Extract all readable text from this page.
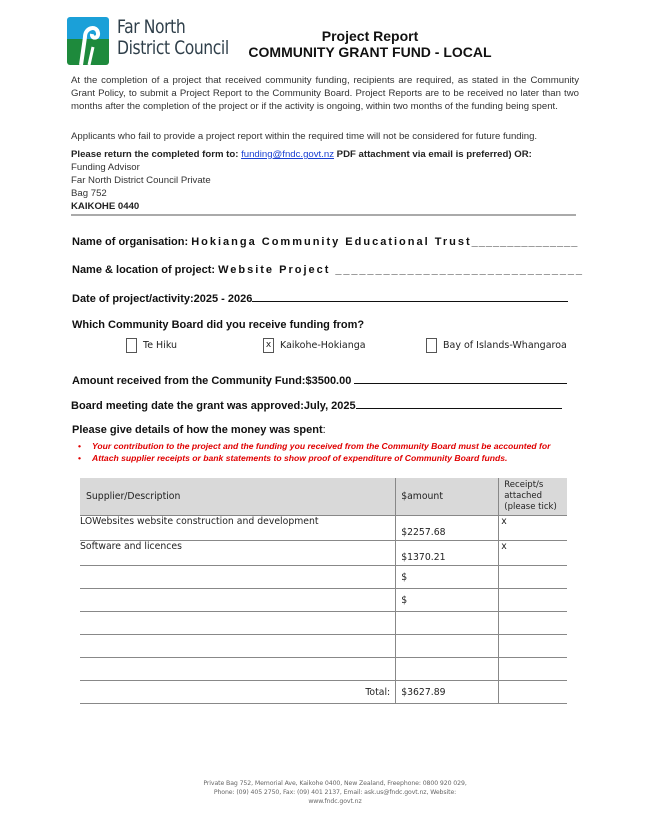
Far North
District Council
Project Report
COMMUNITY GRANT FUND - LOCAL
At the completion of a project that received community funding, recipients are required, as stated in the Community Grant Policy, to submit a Project Report to the Community Board. Project Reports are to be received no later than two months after the completion of the project or if the activity is ongoing, within two months of the funding being spent.
Applicants who fail to provide a project report within the required time will not be considered for future funding.
Please return the completed form to: funding@fndc.govt.nz PDF attachment via email is preferred) OR:
Funding Advisor
Far North District Council Private
Bag 752
KAIKOHE 0440
Name of organisation: Hokianga Community Educational Trust_______________
Name & location of project: Website Project _______________________________
Date of project/activity:2025 - 2026
Which Community Board did you receive funding from?
Te Hiku	x Kaikohe-Hokianga	Bay of Islands-Whangaroa
Amount received from the Community Fund:$3500.00
Board meeting date the grant was approved:July, 2025
Please give details of how the money was spent:
•	Your contribution to the project and the funding you received from the Community Board must be accounted for
•	Attach supplier receipts or bank statements to show proof of expenditure of Community Board funds.
Supplier/Description	$amount	Receipt/s attached (please tick)
LOWebsites website construction and development	$2257.68	x
Software and licences	$1370.21	x
	$	
	$	

Total:	$3627.89	
Private Bag 752, Memorial Ave, Kaikohe 0400, New Zealand, Freephone: 0800 920 029,
Phone: (09) 405 2750, Fax: (09) 401 2137, Email: ask.us@fndc.govt.nz, Website: www.fndc.govt.nz
